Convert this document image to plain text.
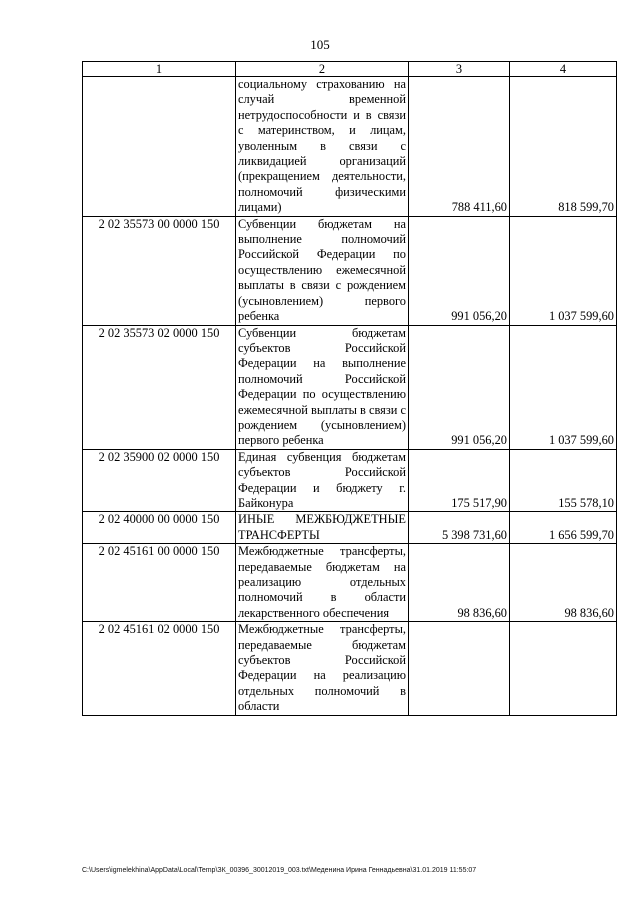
105
1	2	3	4
	социальному страхованию на случай временной нетрудоспособности и в связи с материнством, и лицам, уволенным в связи с ликвидацией организаций (прекращением деятельности, полномочий физическими лицами)	788 411,60	818 599,70
2 02 35573 00 0000 150	Субвенции бюджетам на выполнение полномочий Российской Федерации по осуществлению ежемесячной выплаты в связи с рождением (усыновлением) первого ребенка	991 056,20	1 037 599,60
2 02 35573 02 0000 150	Субвенции бюджетам субъектов Российской Федерации на выполнение полномочий Российской Федерации по осуществлению ежемесячной выплаты в связи с рождением (усыновлением) первого ребенка	991 056,20	1 037 599,60
2 02 35900 02 0000 150	Единая субвенция бюджетам субъектов Российской Федерации и бюджету г. Байконура	175 517,90	155 578,10
2 02 40000 00 0000 150	ИНЫЕ МЕЖБЮДЖЕТНЫЕ ТРАНСФЕРТЫ	5 398 731,60	1 656 599,70
2 02 45161 00 0000 150	Межбюджетные трансферты, передаваемые бюджетам на реализацию отдельных полномочий в области лекарственного обеспечения	98 836,60	98 836,60
2 02 45161 02 0000 150	Межбюджетные трансферты, передаваемые бюджетам субъектов Российской Федерации на реализацию отдельных полномочий в области		
C:\Users\igmelekhina\AppData\Local\Temp\ЗК_00396_30012019_003.txt\Меденина Ирина Геннадьевна\31.01.2019 11:55:07
